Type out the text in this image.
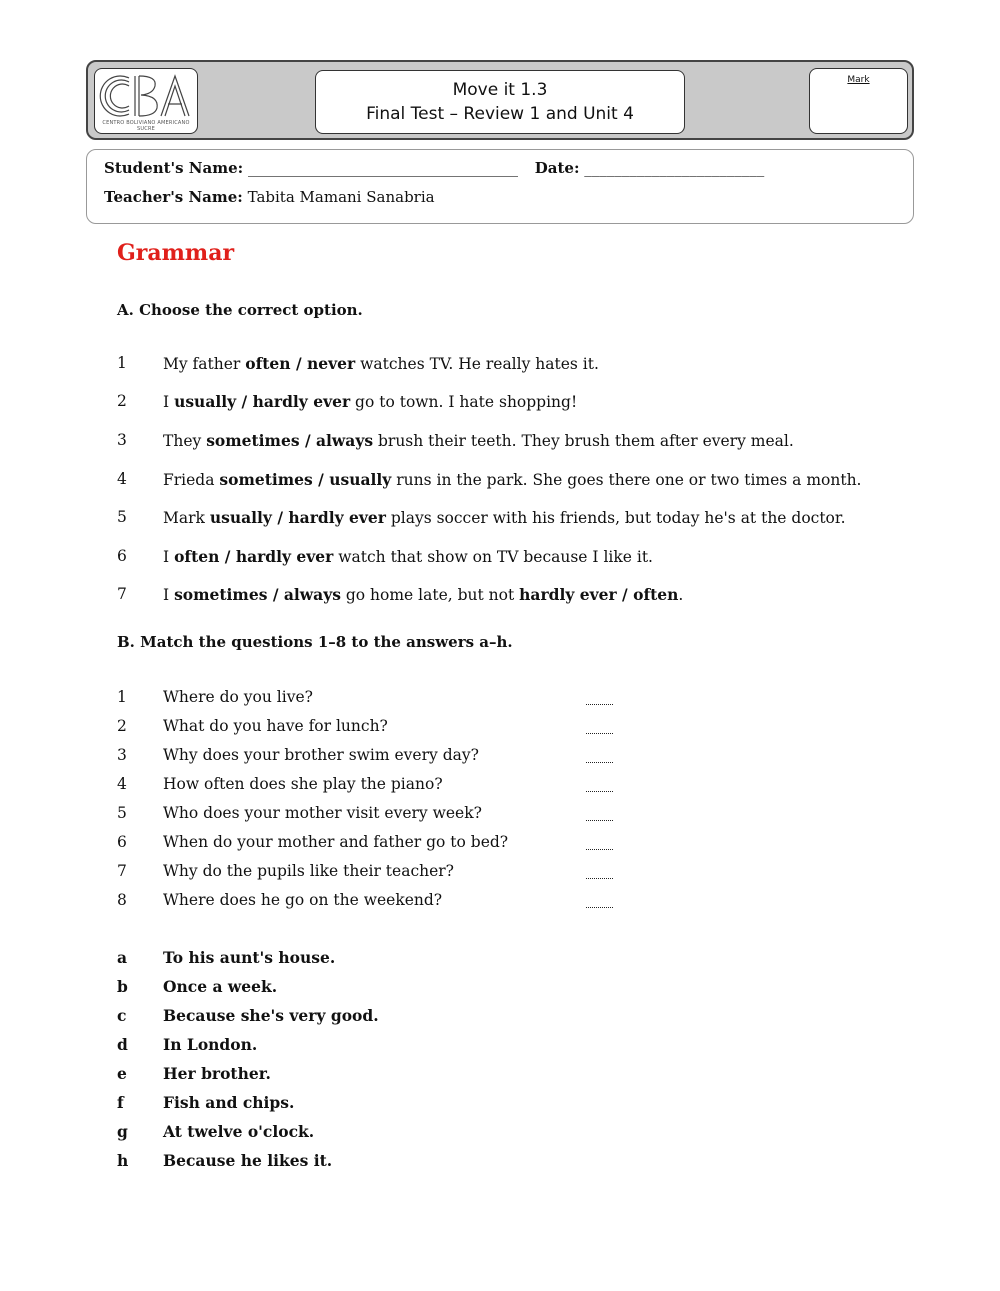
CBA
CENTRO BOLIVIANO AMERICANO SUCRE
Move it 1.3
Final Test – Review 1 and Unit 4
Mark
Student's Name: ____________________________________ Date: ________________________
Teacher's Name: Tabita Mamani Sanabria
Grammar
A. Choose the correct option.
1	My father often / never watches TV. He really hates it.
2	I usually / hardly ever go to town. I hate shopping!
3	They sometimes / always brush their teeth. They brush them after every meal.
4	Frieda sometimes / usually runs in the park. She goes there one or two times a month.
5	Mark usually / hardly ever plays soccer with his friends, but today he's at the doctor.
6	I often / hardly ever watch that show on TV because I like it.
7	I sometimes / always go home late, but not hardly ever / often.
B. Match the questions 1–8 to the answers a–h.
1	Where do you live?
2	What do you have for lunch?
3	Why does your brother swim every day?
4	How often does she play the piano?
5	Who does your mother visit every week?
6	When do your mother and father go to bed?
7	Why do the pupils like their teacher?
8	Where does he go on the weekend?
a	To his aunt's house.
b	Once a week.
c	Because she's very good.
d	In London.
e	Her brother.
f	Fish and chips.
g	At twelve o'clock.
h	Because he likes it.
